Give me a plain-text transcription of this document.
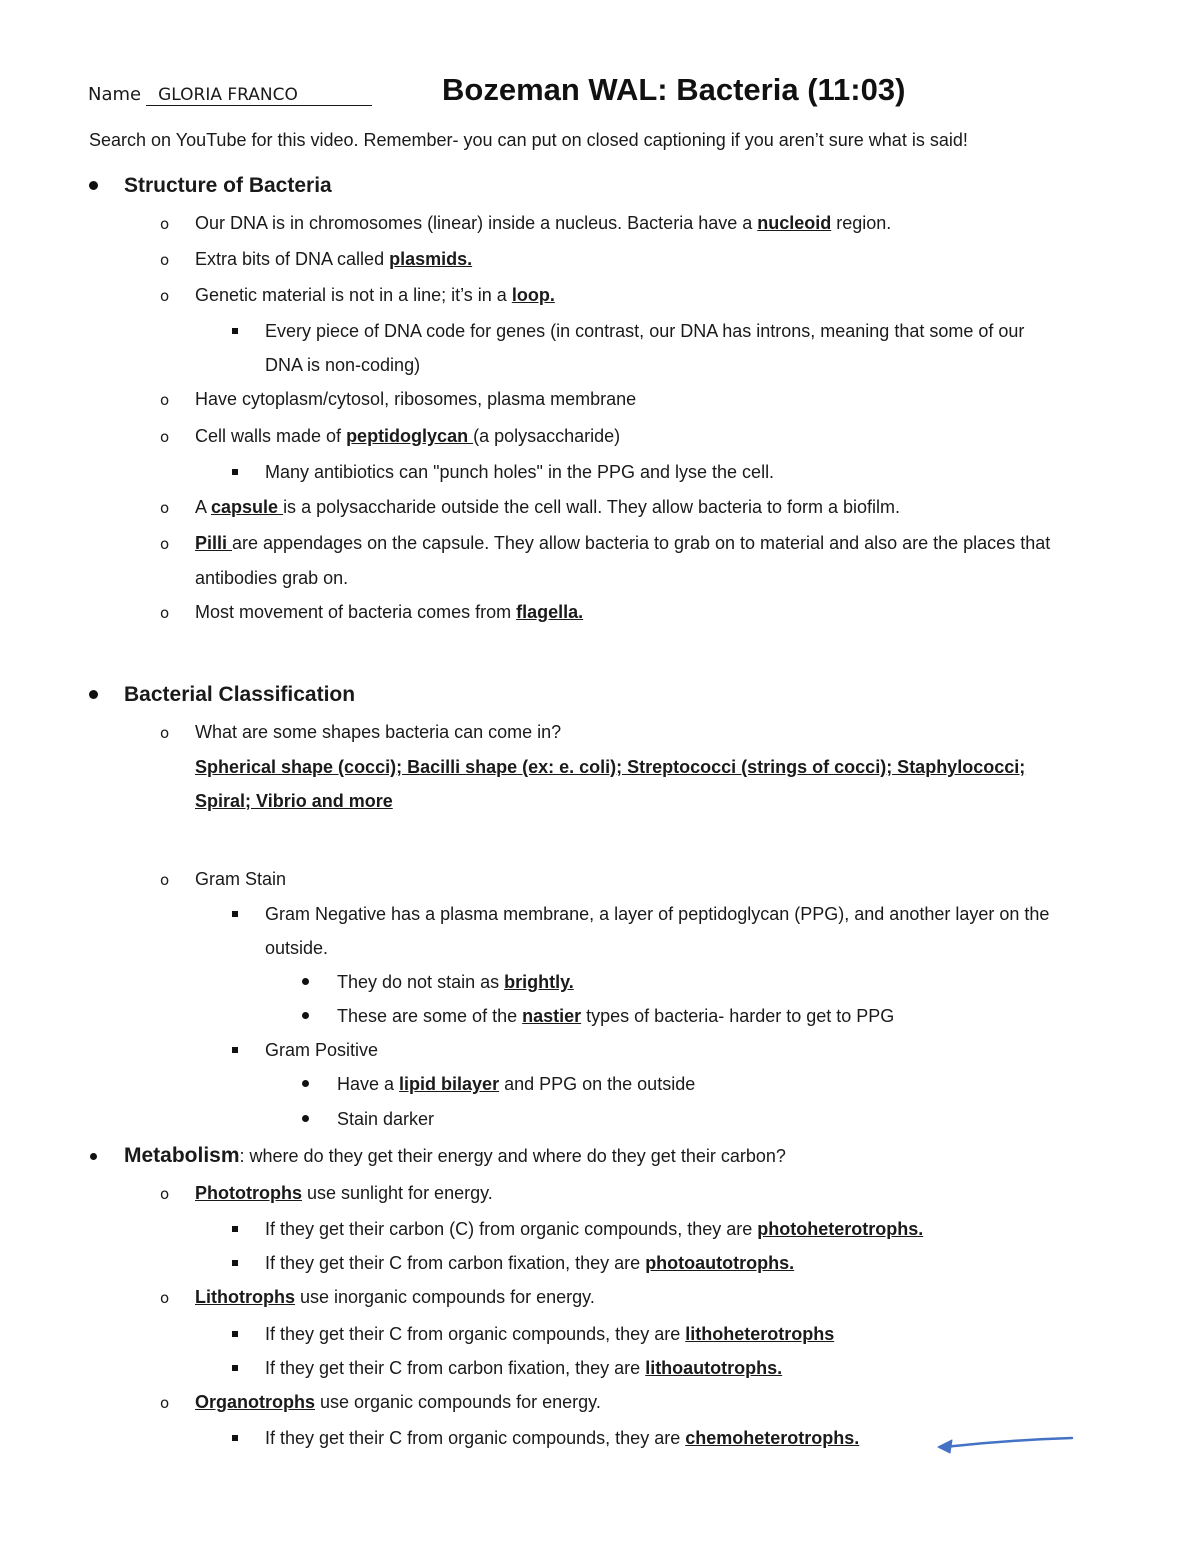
Name GLORIA FRANCO	Bozeman WAL: Bacteria (11:03)
Search on YouTube for this video. Remember- you can put on closed captioning if you aren’t sure what is said!
Structure of Bacteria
o Our DNA is in chromosomes (linear) inside a nucleus. Bacteria have a nucleoid region.
o Extra bits of DNA called plasmids.
o Genetic material is not in a line; it’s in a loop.
Every piece of DNA code for genes (in contrast, our DNA has introns, meaning that some of our
DNA is non-coding)
o Have cytoplasm/cytosol, ribosomes, plasma membrane
o Cell walls made of peptidoglycan (a polysaccharide)
Many antibiotics can "punch holes" in the PPG and lyse the cell.
o A capsule is a polysaccharide outside the cell wall. They allow bacteria to form a biofilm.
o Pilli are appendages on the capsule. They allow bacteria to grab on to material and also are the places that
antibodies grab on.
o Most movement of bacteria comes from flagella.
Bacterial Classification
o What are some shapes bacteria can come in?
Spherical shape (cocci); Bacilli shape (ex: e. coli); Streptococci (strings of cocci); Staphylococci;
Spiral; Vibrio and more
o Gram Stain
Gram Negative has a plasma membrane, a layer of peptidoglycan (PPG), and another layer on the
outside.
They do not stain as brightly.
These are some of the nastier types of bacteria- harder to get to PPG
Gram Positive
Have a lipid bilayer and PPG on the outside
Stain darker
Metabolism: where do they get their energy and where do they get their carbon?
o Phototrophs use sunlight for energy.
If they get their carbon (C) from organic compounds, they are photoheterotrophs.
If they get their C from carbon fixation, they are photoautotrophs.
o Lithotrophs use inorganic compounds for energy.
If they get their C from organic compounds, they are lithoheterotrophs
If they get their C from carbon fixation, they are lithoautotrophs.
o Organotrophs use organic compounds for energy.
If they get their C from organic compounds, they are chemoheterotrophs.
